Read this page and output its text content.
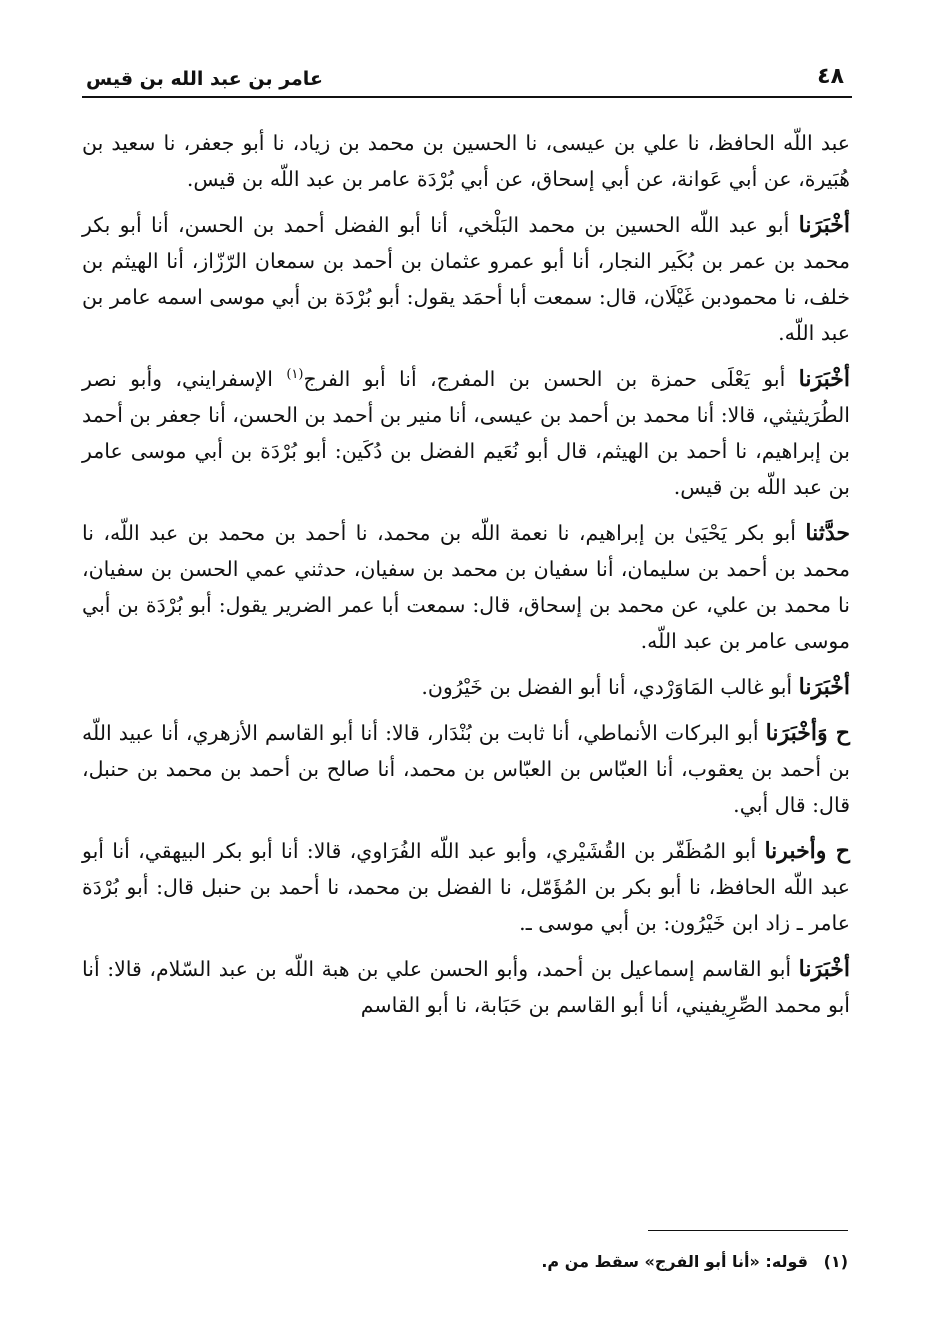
٤٨
عامر بن عبد الله بن قيس

عبد اللّه الحافظ، نا علي بن عيسى، نا الحسين بن محمد بن زياد، نا أبو جعفر، نا سعيد بن هُبَيرة، عن أبي عَوانة، عن أبي إسحاق، عن أبي بُرْدَة عامر بن عبد اللّه بن قيس.

أخْبَرَنا أبو عبد اللّه الحسين بن محمد البَلْخي، أنا أبو الفضل أحمد بن الحسن، أنا أبو بكر محمد بن عمر بن بُكَير النجار، أنا أبو عمرو عثمان بن أحمد بن سمعان الرّزّاز، أنا الهيثم بن خلف، نا محمودبن غَيْلَان، قال: سمعت أبا أحمَد يقول: أبو بُرْدَة بن أبي موسى اسمه عامر بن عبد اللّه.

أخْبَرَنا أبو يَعْلَى حمزة بن الحسن بن المفرج، أنا أبو الفرج$^{(١)}$ الإسفرايني، وأبو نصر الطُرَيثيثي، قالا: أنا محمد بن أحمد بن عيسى، أنا منير بن أحمد بن الحسن، أنا جعفر بن أحمد بن إبراهيم، نا أحمد بن الهيثم، قال أبو نُعَيم الفضل بن دُكَين: أبو بُرْدَة بن أبي موسى عامر بن عبد اللّه بن قيس.

حدَّثنا أبو بكر يَحْيَىٰ بن إبراهيم، نا نعمة اللّه بن محمد، نا أحمد بن محمد بن عبد اللّه، نا محمد بن أحمد بن سليمان، أنا سفيان بن محمد بن سفيان، حدثني عمي الحسن بن سفيان، نا محمد بن علي، عن محمد بن إسحاق، قال: سمعت أبا عمر الضرير يقول: أبو بُرْدَة بن أبي موسى عامر بن عبد اللّه.

أخْبَرَنا أبو غالب المَاوَرْدي، أنا أبو الفضل بن خَيْرُون.

ح وَأخْبَرَنا أبو البركات الأنماطي، أنا ثابت بن بُنْدَار، قالا: أنا أبو القاسم الأزهري، أنا عبيد اللّه بن أحمد بن يعقوب، أنا العبّاس بن العبّاس بن محمد، أنا صالح بن أحمد بن محمد بن حنبل، قال: قال أبي.

ح وأخبرنا أبو المُظَفّر بن القُشَيْري، وأبو عبد اللّه الفُرَاوي، قالا: أنا أبو بكر البيهقي، أنا أبو عبد اللّه الحافظ، نا أبو بكر بن المُؤَمّل، نا الفضل بن محمد، نا أحمد بن حنبل قال: أبو بُرْدَة عامر ـ زاد ابن خَيْرُون: بن أبي موسى ـ.

أخْبَرَنا أبو القاسم إسماعيل بن أحمد، وأبو الحسن علي بن هبة اللّه بن عبد السّلام، قالا: أنا أبو محمد الصِّرِيفيني، أنا أبو القاسم بن حَبَابة، نا أبو القاسم

(١) قوله: «أنا أبو الفرج» سقط من م.
